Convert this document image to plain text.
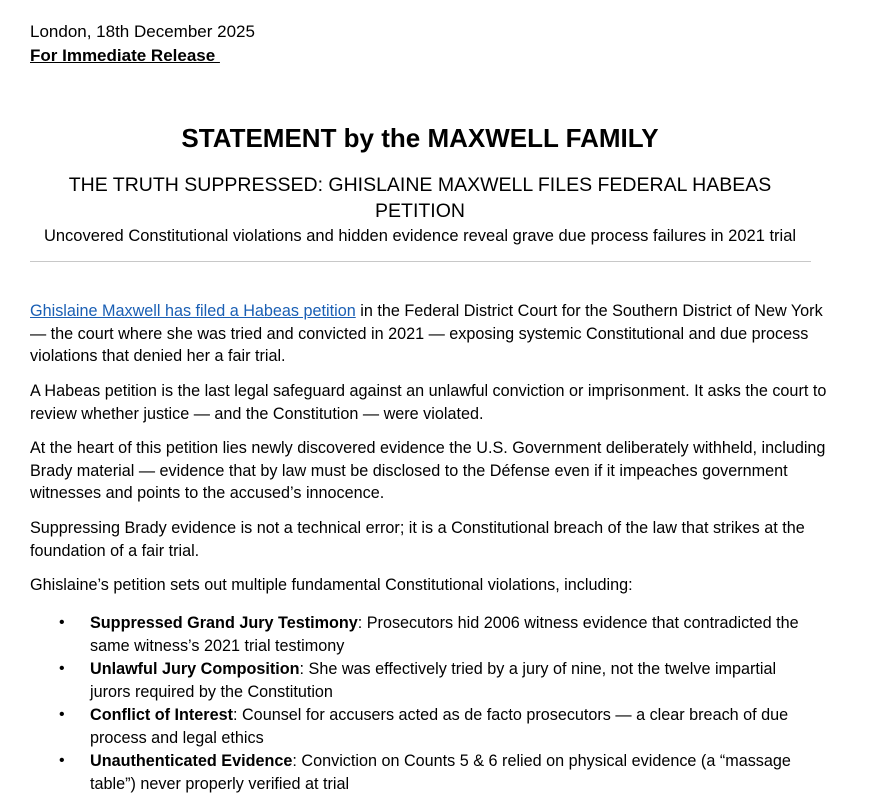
London, 18th December 2025
For Immediate Release
STATEMENT by the MAXWELL FAMILY
THE TRUTH SUPPRESSED: GHISLAINE MAXWELL FILES FEDERAL HABEAS PETITION
Uncovered Constitutional violations and hidden evidence reveal grave due process failures in 2021 trial
Ghislaine Maxwell has filed a Habeas petition in the Federal District Court for the Southern District of New York — the court where she was tried and convicted in 2021 — exposing systemic Constitutional and due process violations that denied her a fair trial.
A Habeas petition is the last legal safeguard against an unlawful conviction or imprisonment. It asks the court to review whether justice — and the Constitution — were violated.
At the heart of this petition lies newly discovered evidence the U.S. Government deliberately withheld, including Brady material — evidence that by law must be disclosed to the Défense even if it impeaches government witnesses and points to the accused’s innocence.
Suppressing Brady evidence is not a technical error; it is a Constitutional breach of the law that strikes at the foundation of a fair trial.
Ghislaine’s petition sets out multiple fundamental Constitutional violations, including:
• Suppressed Grand Jury Testimony: Prosecutors hid 2006 witness evidence that contradicted the same witness’s 2021 trial testimony
• Unlawful Jury Composition: She was effectively tried by a jury of nine, not the twelve impartial jurors required by the Constitution
• Conflict of Interest: Counsel for accusers acted as de facto prosecutors — a clear breach of due process and legal ethics
• Unauthenticated Evidence: Conviction on Counts 5 & 6 relied on physical evidence (a “massage table”) never properly verified at trial
